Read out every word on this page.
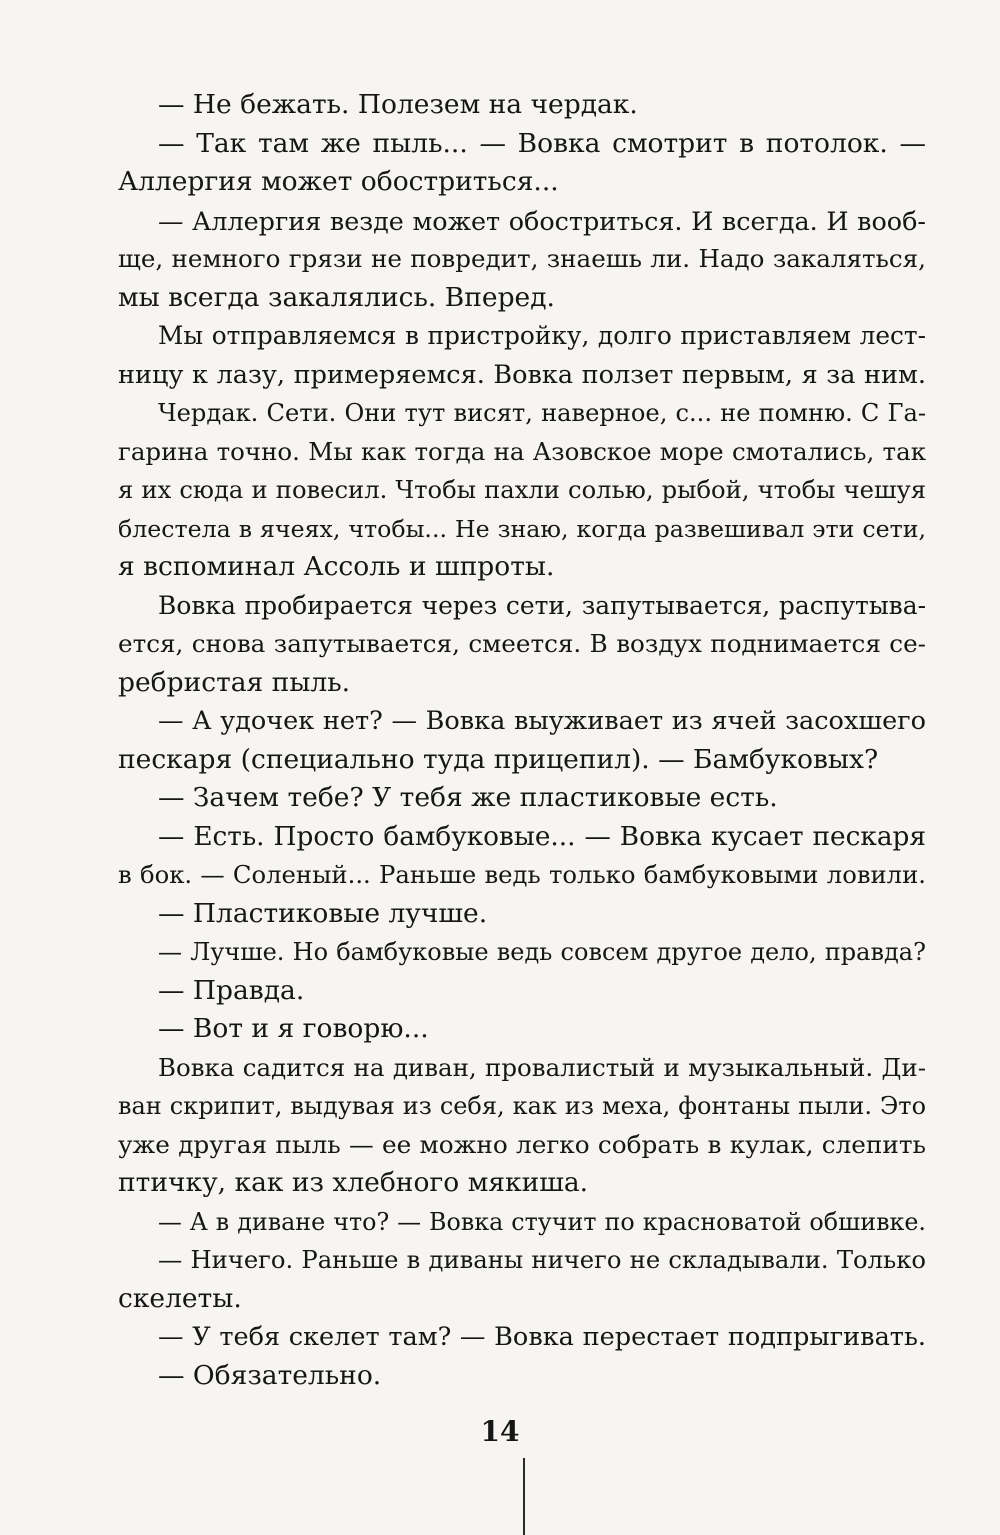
— Не бежать. Полезем на чердак.
— Так там же пыль... — Вовка смотрит в потолок. —
Аллергия может обостриться...
— Аллергия везде может обостриться. И всегда. И вооб-
ще, немного грязи не повредит, знаешь ли. Надо закаляться,
мы всегда закалялись. Вперед.
Мы отправляемся в пристройку, долго приставляем лест-
ницу к лазу, примеряемся. Вовка ползет первым, я за ним.
Чердак. Сети. Они тут висят, наверное, с... не помню. С Га-
гарина точно. Мы как тогда на Азовское море смотались, так
я их сюда и повесил. Чтобы пахли солью, рыбой, чтобы чешуя
блестела в ячеях, чтобы... Не знаю, когда развешивал эти сети,
я вспоминал Ассоль и шпроты.
Вовка пробирается через сети, запутывается, распутыва-
ется, снова запутывается, смеется. В воздух поднимается се-
ребристая пыль.
— А удочек нет? — Вовка выуживает из ячей засохшего
пескаря (специально туда прицепил). — Бамбуковых?
— Зачем тебе? У тебя же пластиковые есть.
— Есть. Просто бамбуковые... — Вовка кусает пескаря
в бок. — Соленый... Раньше ведь только бамбуковыми ловили.
— Пластиковые лучше.
— Лучше. Но бамбуковые ведь совсем другое дело, правда?
— Правда.
— Вот и я говорю...
Вовка садится на диван, провалистый и музыкальный. Ди-
ван скрипит, выдувая из себя, как из меха, фонтаны пыли. Это
уже другая пыль — ее можно легко собрать в кулак, слепить
птичку, как из хлебного мякиша.
— А в диване что? — Вовка стучит по красноватой обшивке.
— Ничего. Раньше в диваны ничего не складывали. Только
скелеты.
— У тебя скелет там? — Вовка перестает подпрыгивать.
— Обязательно.
14
